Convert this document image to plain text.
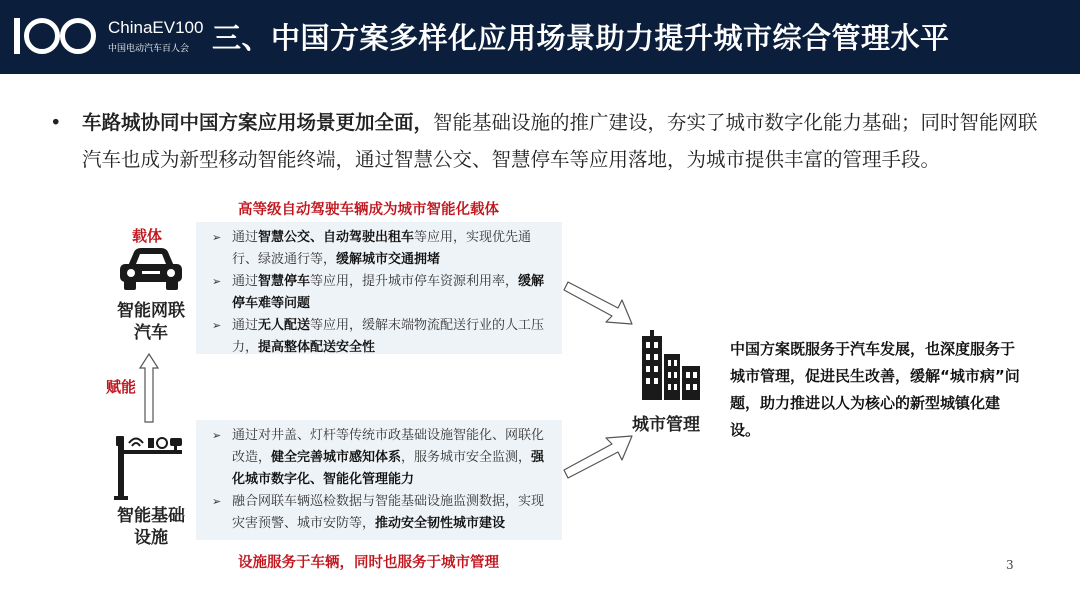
ChinaEV100
中国电动汽车百人会 三、中国方案多样化应用场景助力提升城市综合管理水平
• 车路城协同中国方案应用场景更加全面，智能基础设施的推广建设，夯实了城市数字化能力基础；同时智能网联汽车也成为新型移动智能终端，通过智慧公交、智慧停车等应用落地，为城市提供丰富的管理手段。
高等级自动驾驶车辆成为城市智能化载体
载体
智能网联
汽车
赋能
智能基础
设施
➢ 通过智慧公交、自动驾驶出租车等应用，实现优先通行、绿波通行等，缓解城市交通拥堵
➢ 通过智慧停车等应用，提升城市停车资源利用率，缓解停车难等问题
➢ 通过无人配送等应用，缓解末端物流配送行业的人工压力，提高整体配送安全性
➢ 通过对井盖、灯杆等传统市政基础设施智能化、网联化改造，健全完善城市感知体系，服务城市安全监测，强化城市数字化、智能化管理能力
➢ 融合网联车辆巡检数据与智能基础设施监测数据，实现灾害预警、城市安防等，推动安全韧性城市建设
设施服务于车辆，同时也服务于城市管理
城市管理
中国方案既服务于汽车发展，也深度服务于城市管理，促进民生改善，缓解“城市病”问题，助力推进以人为核心的新型城镇化建设。
3
